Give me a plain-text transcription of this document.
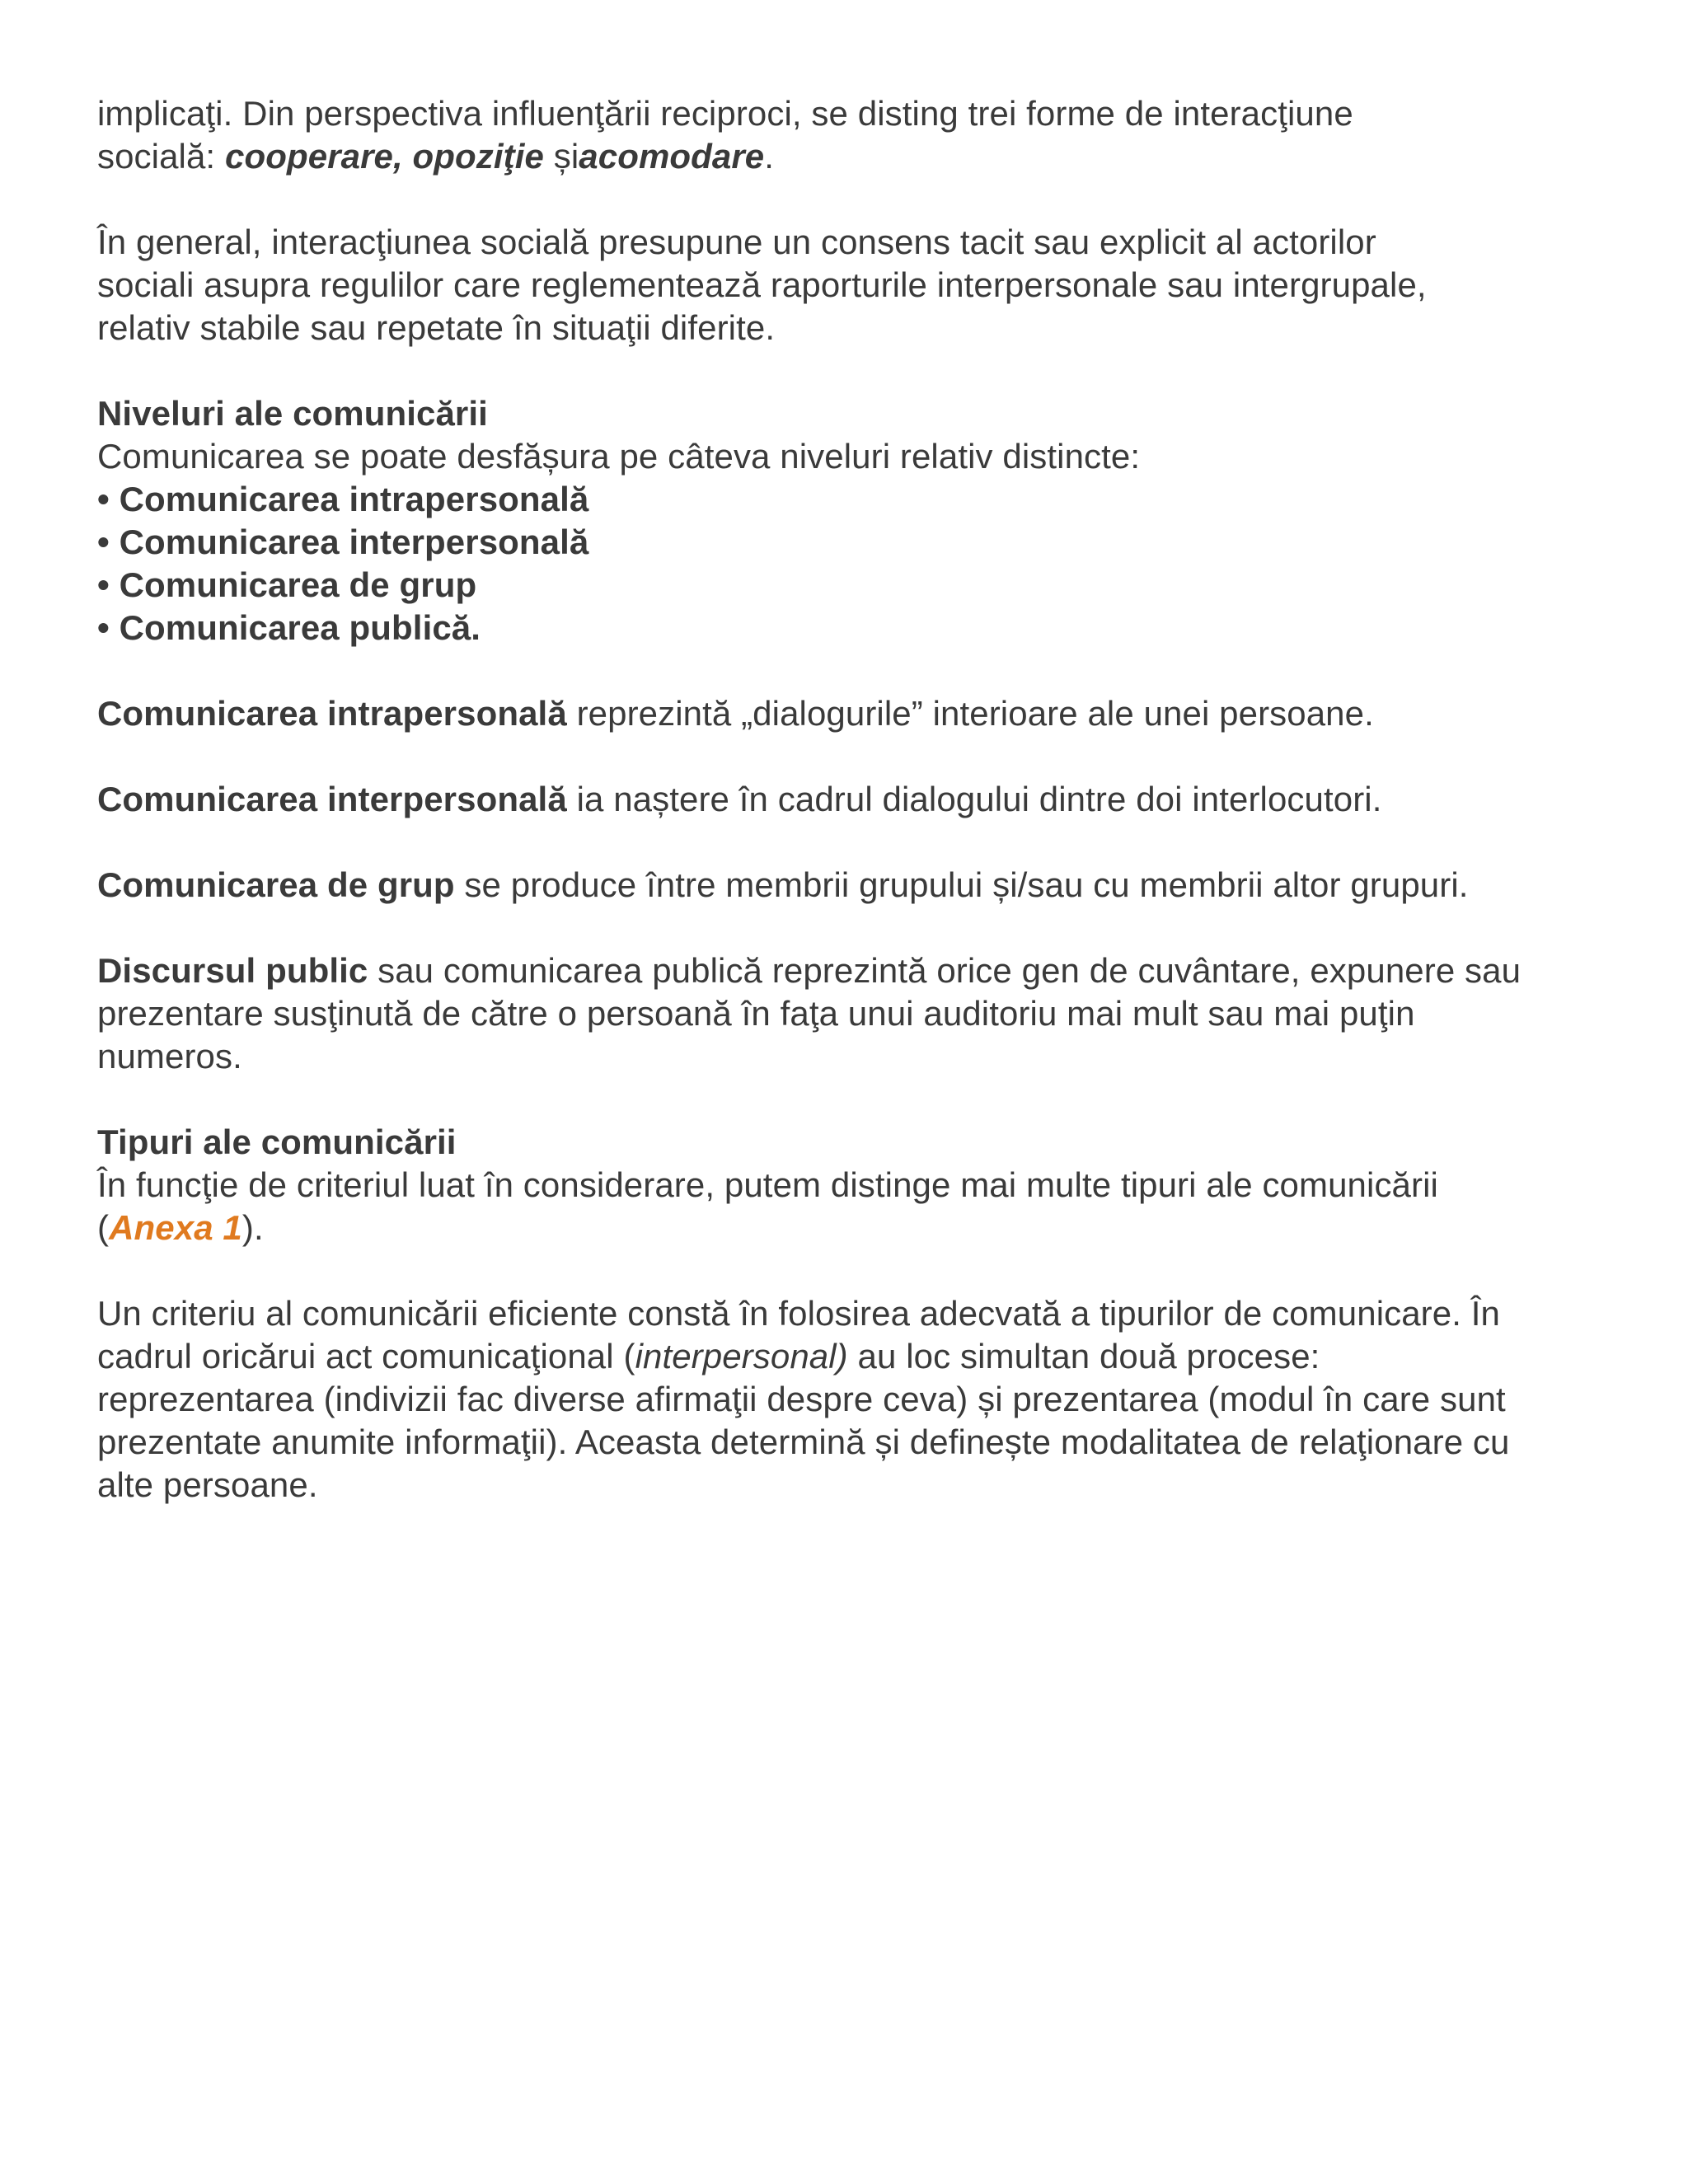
implicaţi. Din perspectiva influenţării reciproci, se disting trei forme de interacţiune
socială: cooperare, opoziţie șiacomodare.
În general, interacţiunea socială presupune un consens tacit sau explicit al actorilor
sociali asupra regulilor care reglementează raporturile interpersonale sau intergrupale,
relativ stabile sau repetate în situaţii diferite.
Niveluri ale comunicării
Comunicarea se poate desfășura pe câteva niveluri relativ distincte:
• Comunicarea intrapersonală
• Comunicarea interpersonală
• Comunicarea de grup
• Comunicarea publică.
Comunicarea intrapersonală reprezintă „dialogurile” interioare ale unei persoane.
Comunicarea interpersonală ia naștere în cadrul dialogului dintre doi interlocutori.
Comunicarea de grup se produce între membrii grupului și/sau cu membrii altor grupuri.
Discursul public sau comunicarea publică reprezintă orice gen de cuvântare, expunere sau
prezentare susţinută de către o persoană în faţa unui auditoriu mai mult sau mai puţin
numeros.
Tipuri ale comunicării
În funcţie de criteriul luat în considerare, putem distinge mai multe tipuri ale comunicării
(Anexa 1).
Un criteriu al comunicării eficiente constă în folosirea adecvată a tipurilor de comunicare. În
cadrul oricărui act comunicaţional (interpersonal) au loc simultan două procese:
reprezentarea (indivizii fac diverse afirmaţii despre ceva) și prezentarea (modul în care sunt
prezentate anumite informaţii). Aceasta determină și definește modalitatea de relaţionare cu
alte persoane.
